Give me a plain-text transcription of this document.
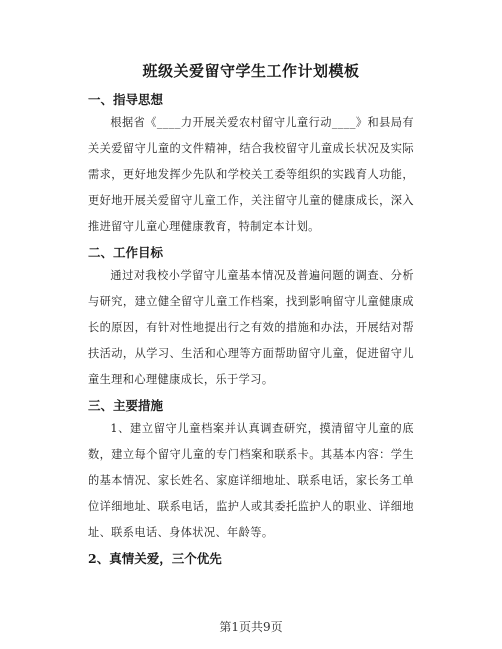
班级关爱留守学生工作计划模板

一、指导思想

根据省《____力开展关爱农村留守儿童行动____》和县局有关关爱留守儿童的文件精神，结合我校留守儿童成长状况及实际需求，更好地发挥少先队和学校关工委等组织的实践育人功能，更好地开展关爱留守儿童工作，关注留守儿童的健康成长，深入推进留守儿童心理健康教育，特制定本计划。

二、工作目标

通过对我校小学留守儿童基本情况及普遍问题的调查、分析与研究，建立健全留守儿童工作档案，找到影响留守儿童健康成长的原因，有针对性地提出行之有效的措施和办法，开展结对帮扶活动，从学习、生活和心理等方面帮助留守儿童，促进留守儿童生理和心理健康成长，乐于学习。

三、主要措施

1、建立留守儿童档案并认真调查研究，摸清留守儿童的底数，建立每个留守儿童的专门档案和联系卡。其基本内容：学生的基本情况、家长姓名、家庭详细地址、联系电话，家长务工单位详细地址、联系电话，监护人或其委托监护人的职业、详细地址、联系电话、身体状况、年龄等。

2、真情关爱，三个优先

第1页共9页
